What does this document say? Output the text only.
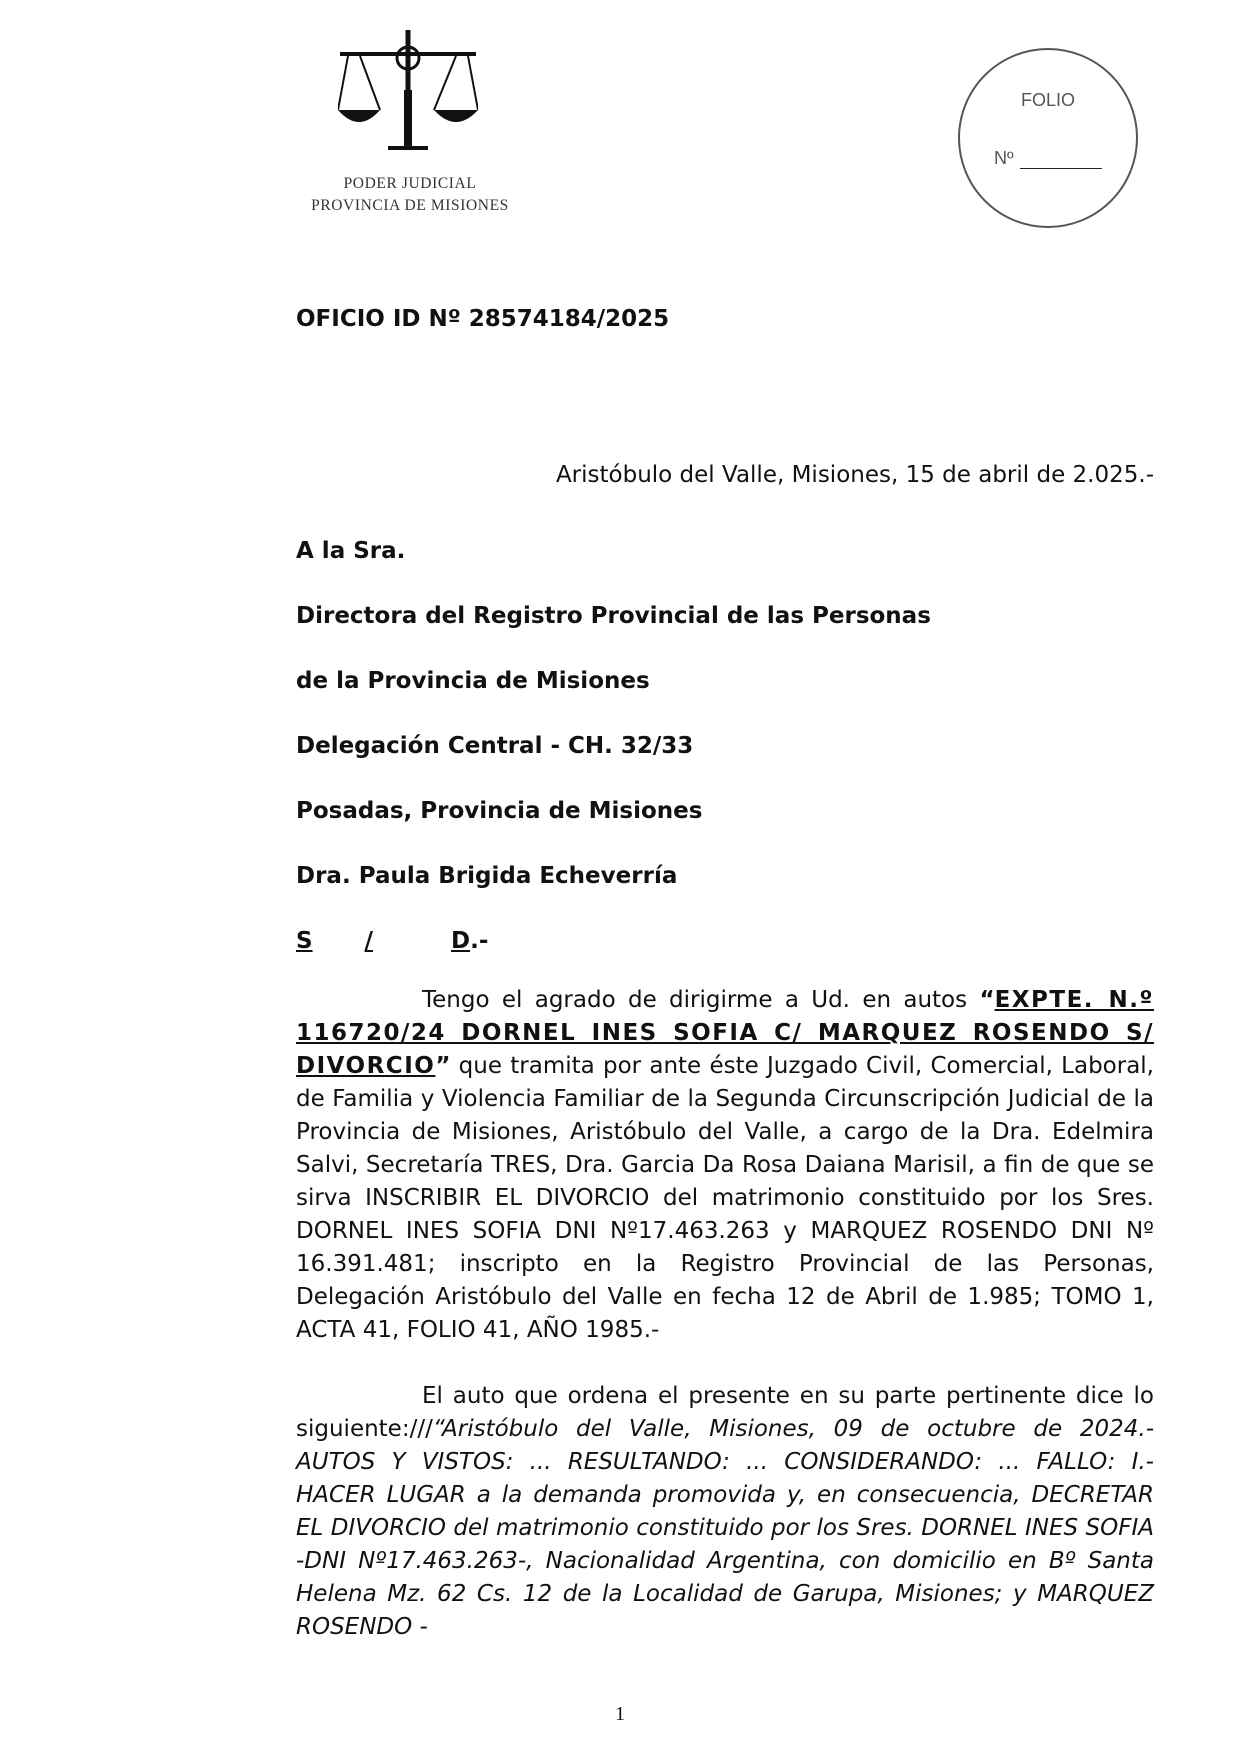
PODER JUDICIAL
PROVINCIA DE MISIONES
FOLIO
Nº
OFICIO ID Nº 28574184/2025
Aristóbulo del Valle, Misiones, 15 de abril de 2.025.-
A la Sra.
Directora del Registro Provincial de las Personas
de la Provincia de Misiones
Delegación Central - CH. 32/33
Posadas, Provincia de Misiones
Dra. Paula Brigida Echeverría
S /	D.-
Tengo el agrado de dirigirme a Ud. en autos “EXPTE. N.º 116720/24 DORNEL INES SOFIA C/ MARQUEZ ROSENDO S/ DIVORCIO” que tramita por ante éste Juzgado Civil, Comercial, Laboral, de Familia y Violencia Familiar de la Segunda Circunscripción Judicial de la Provincia de Misiones, Aristóbulo del Valle, a cargo de la Dra. Edelmira Salvi, Secretaría TRES, Dra. Garcia Da Rosa Daiana Marisil, a fin de que se sirva INSCRIBIR EL DIVORCIO del matrimonio constituido por los Sres. DORNEL INES SOFIA DNI Nº17.463.263 y MARQUEZ ROSENDO DNI Nº 16.391.481; inscripto en la Registro Provincial de las Personas, Delegación Aristóbulo del Valle en fecha 12 de Abril de 1.985; TOMO 1, ACTA 41, FOLIO 41, AÑO 1985.-
El auto que ordena el presente en su parte pertinente dice lo siguiente:///“Aristóbulo del Valle, Misiones, 09 de octubre de 2024.- AUTOS Y VISTOS: ... RESULTANDO: ... CONSIDERANDO: ... FALLO: I.- HACER LUGAR a la demanda promovida y, en consecuencia, DECRETAR EL DIVORCIO del matrimonio constituido por los Sres. DORNEL INES SOFIA -DNI Nº17.463.263-, Nacionalidad Argentina, con domicilio en Bº Santa Helena Mz. 62 Cs. 12 de la Localidad de Garupa, Misiones; y MARQUEZ ROSENDO -
1
